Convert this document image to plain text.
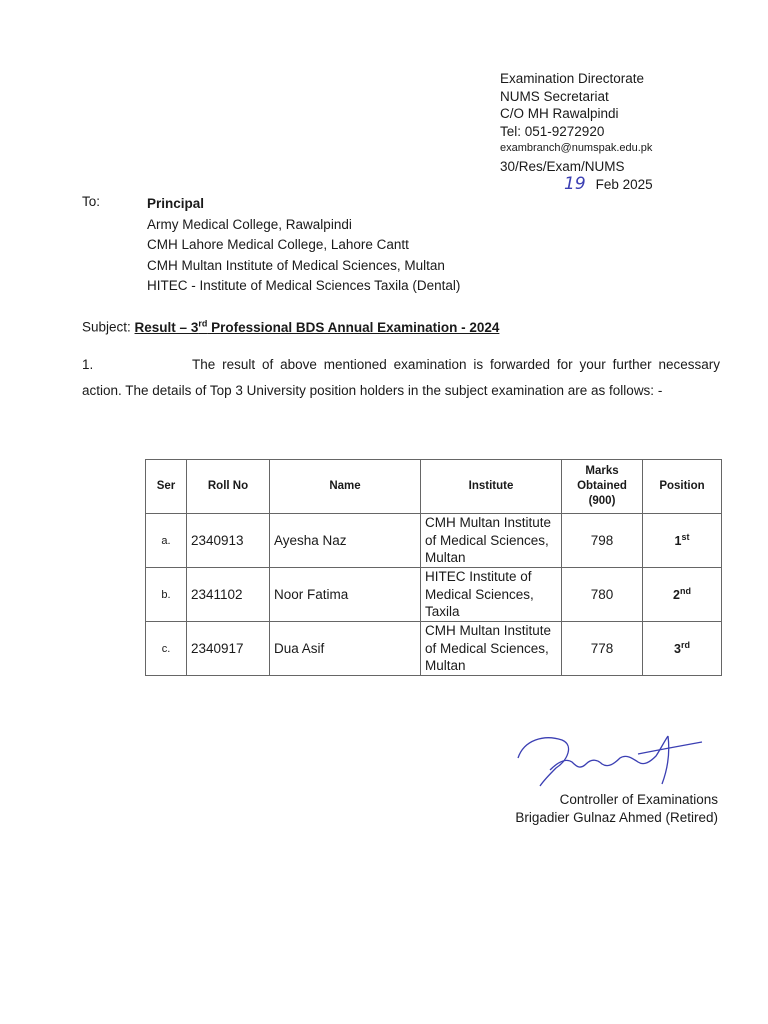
Examination Directorate
NUMS Secretariat
C/O MH Rawalpindi
Tel: 051-9272920
exambranch@numspak.edu.pk
30/Res/Exam/NUMS
19 Feb 2025
To:	Principal
Army Medical College, Rawalpindi
CMH Lahore Medical College, Lahore Cantt
CMH Multan Institute of Medical Sciences, Multan
HITEC - Institute of Medical Sciences Taxila (Dental)
Subject: Result – 3rd Professional BDS Annual Examination - 2024
1.	The result of above mentioned examination is forwarded for your further necessary action. The details of Top 3 University position holders in the subject examination are as follows: -
Ser	Roll No	Name	Institute	Marks Obtained (900)	Position
a.	2340913	Ayesha Naz	CMH Multan Institute of Medical Sciences, Multan	798	1st
b.	2341102	Noor Fatima	HITEC Institute of Medical Sciences, Taxila	780	2nd
c.	2340917	Dua Asif	CMH Multan Institute of Medical Sciences, Multan	778	3rd
Controller of Examinations
Brigadier Gulnaz Ahmed (Retired)
